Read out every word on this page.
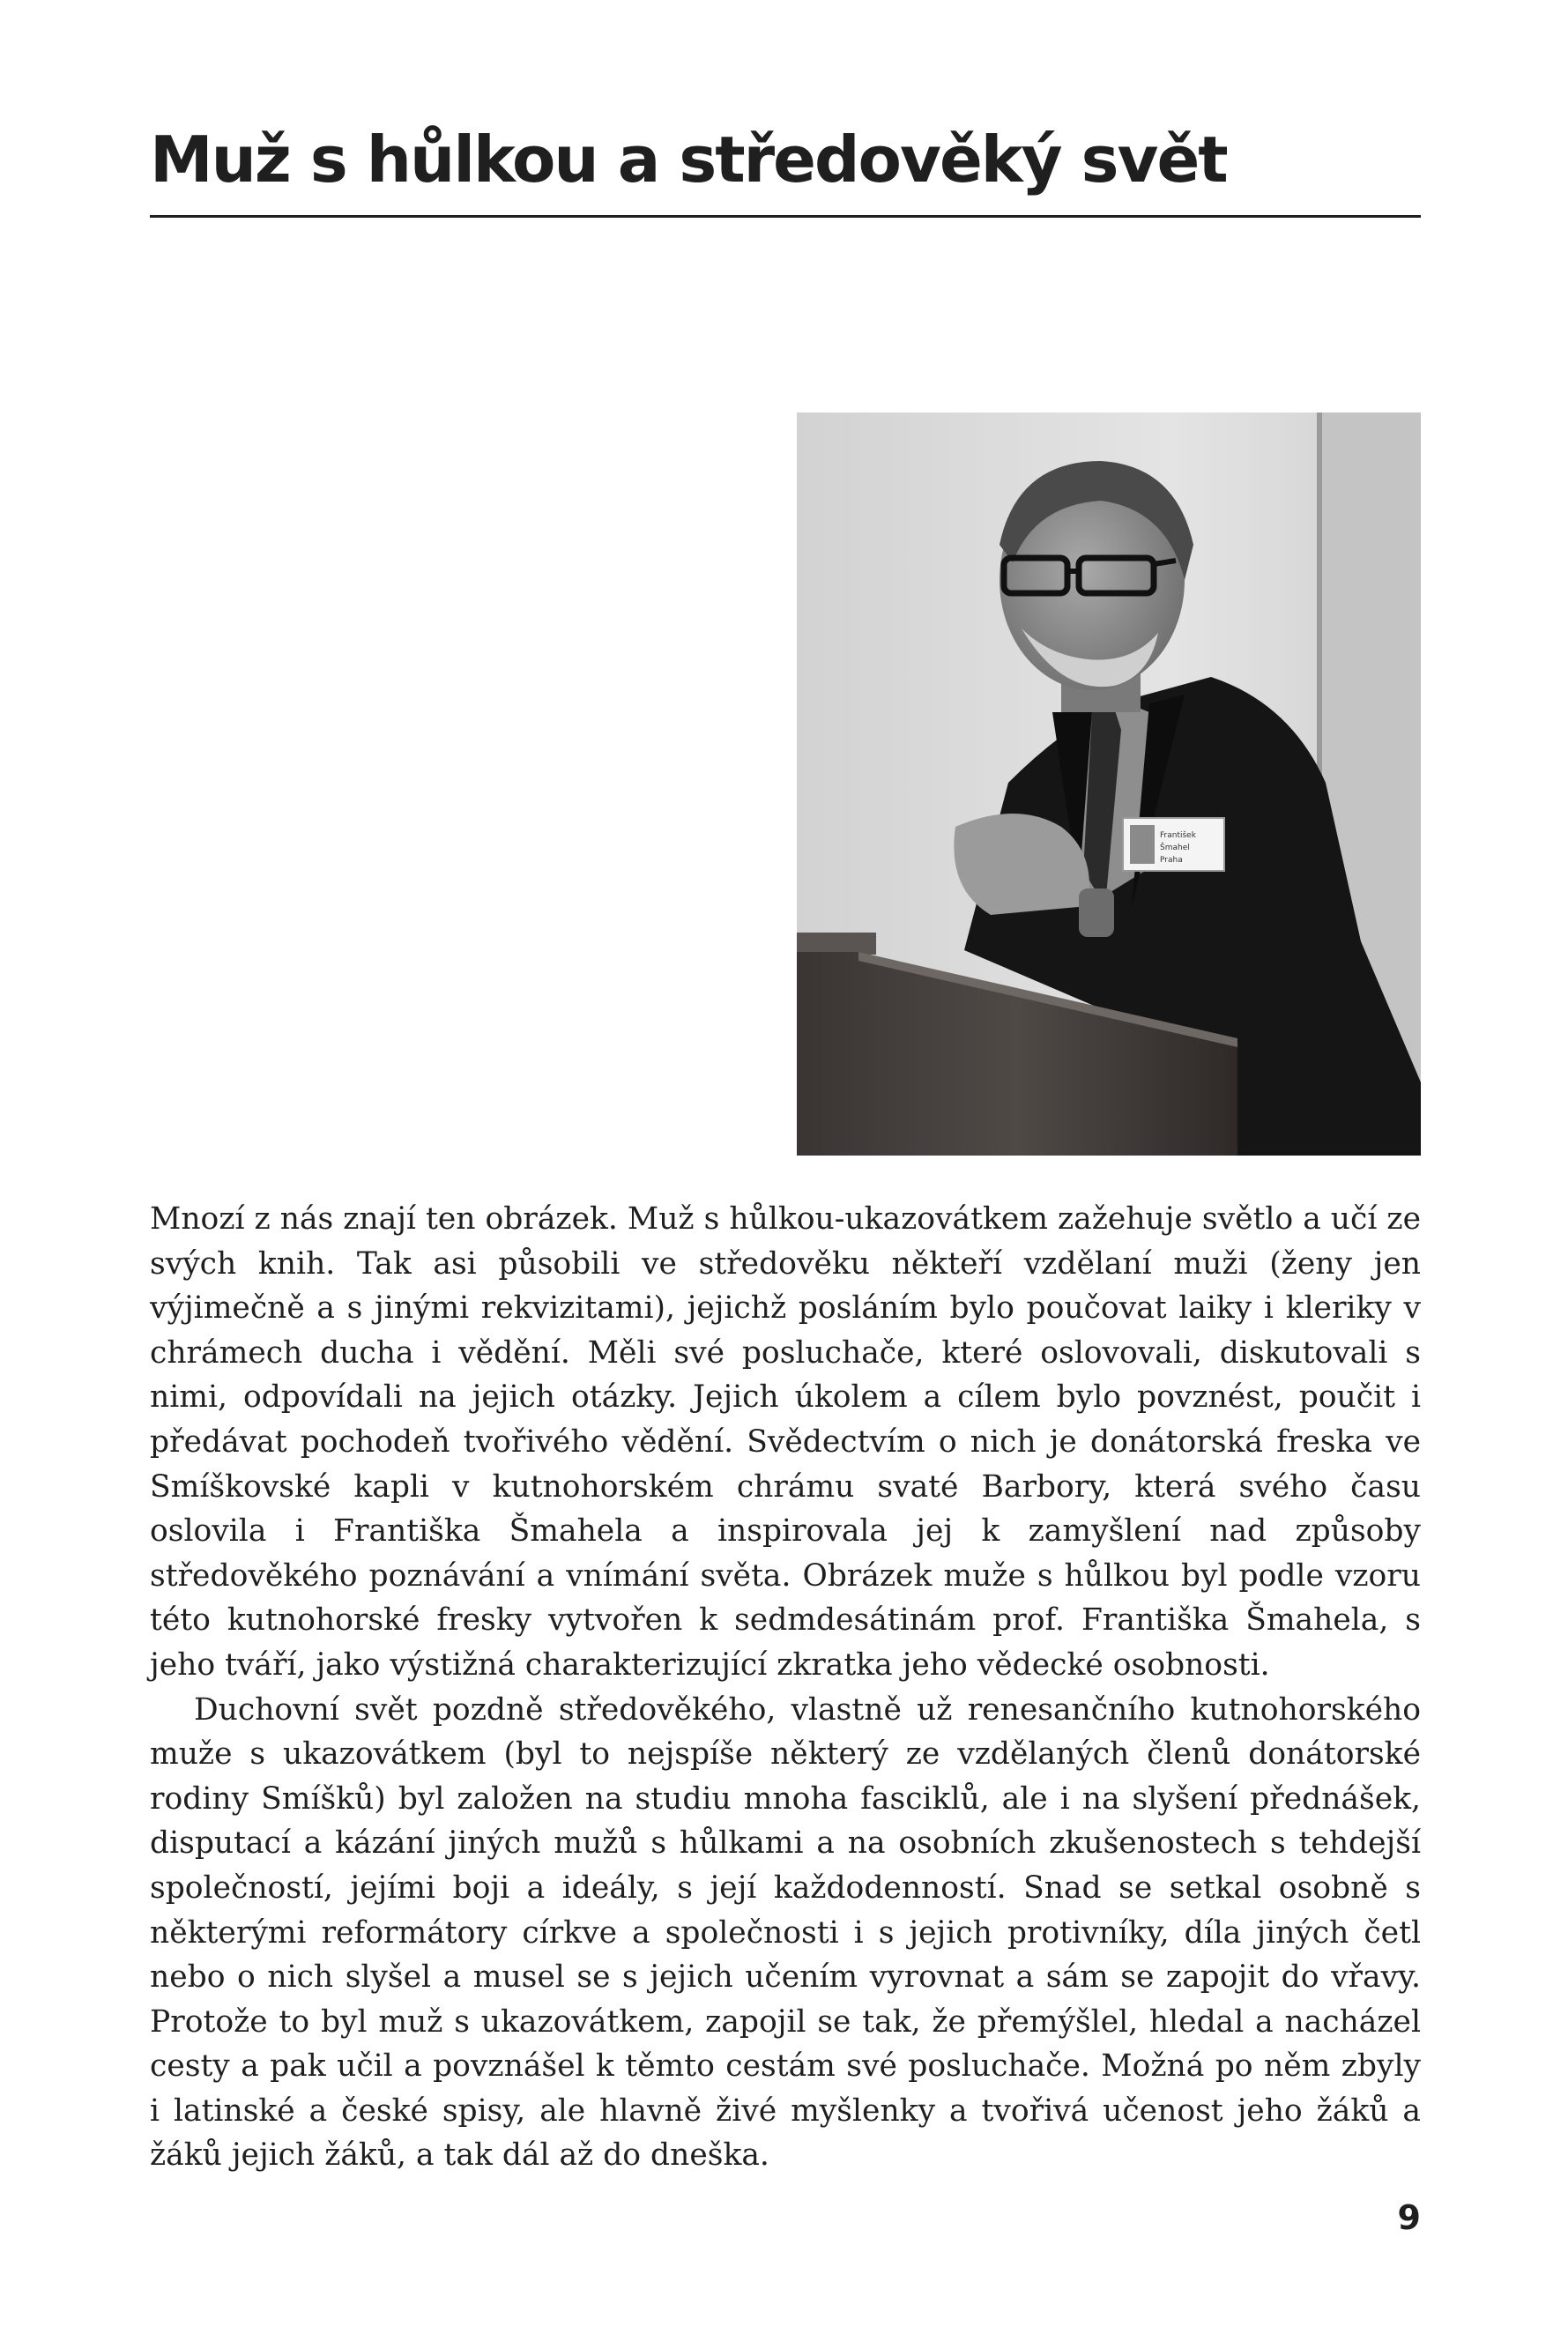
Muž s hůlkou a středověký svět
František
Šmahel
Praha

Mnozí z nás znají ten obrázek. Muž s hůlkou-ukazovátkem zažehuje světlo a učí ze svých knih. Tak asi působili ve středověku někteří vzdělaní muži (ženy jen výjimečně a s jinými rekvizitami), jejichž posláním bylo poučovat laiky i kleriky v chrámech ducha i vědění. Měli své posluchače, které oslovovali, diskutovali s nimi, odpovídali na jejich otázky. Jejich úkolem a cílem bylo povznést, poučit i předávat pochodeň tvořivého vědění. Svědectvím o nich je donátorská freska ve Smíškovské kapli v kutnohorském chrámu svaté Barbory, která svého času oslovila i Františka Šmahela a inspirovala jej k zamyšlení nad způsoby středověkého poznávání a vnímání světa. Obrázek muže s hůlkou byl podle vzoru této kutnohorské fresky vytvořen k sedmdesátinám prof. Františka Šmahela, s jeho tváří, jako výstižná charakterizující zkratka jeho vědecké osobnosti.

Duchovní svět pozdně středověkého, vlastně už renesančního kutnohorského muže s ukazovátkem (byl to nejspíše některý ze vzdělaných členů donátorské rodiny Smíšků) byl založen na studiu mnoha fasciklů, ale i na slyšení přednášek, disputací a kázání jiných mužů s hůlkami a na osobních zkušenostech s tehdejší společností, jejími boji a ideály, s její každodenností. Snad se setkal osobně s některými reformátory církve a společnosti i s jejich protivníky, díla jiných četl nebo o nich slyšel a musel se s jejich učením vyrovnat a sám se zapojit do vřavy. Protože to byl muž s ukazovátkem, zapojil se tak, že přemýšlel, hledal a nacházel cesty a pak učil a povznášel k těmto cestám své posluchače. Možná po něm zbyly i latinské a české spisy, ale hlavně živé myšlenky a tvořivá učenost jeho žáků a žáků jejich žáků, a tak dál až do dneška.

9
